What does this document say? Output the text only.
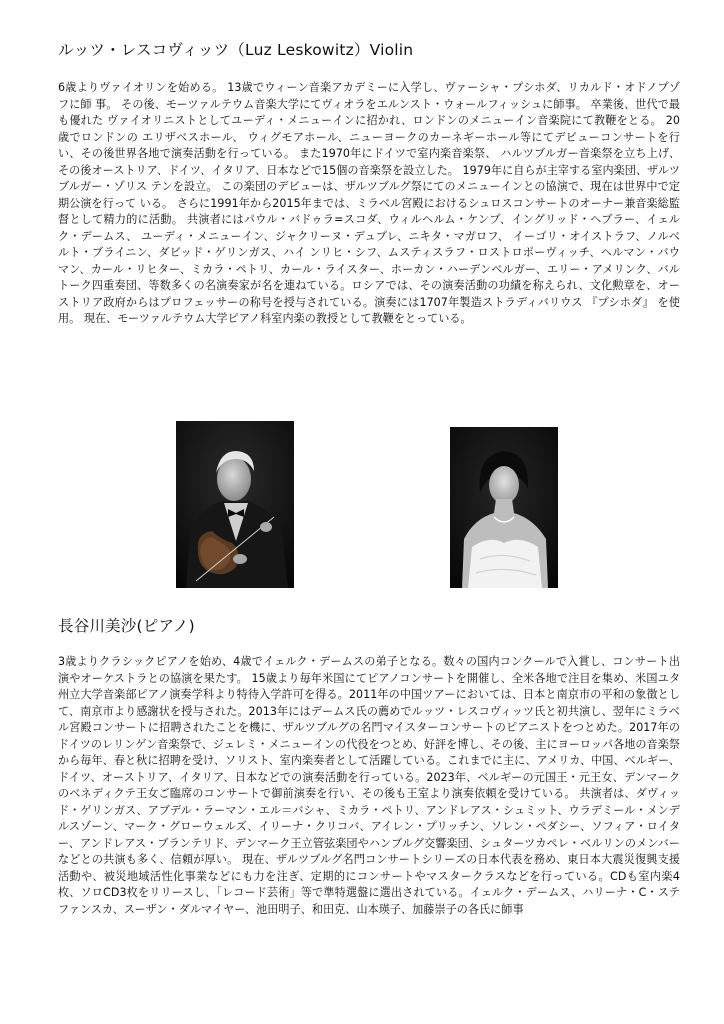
ルッツ・レスコヴィッツ（Luz Leskowitz）Violin

6歳よりヴァイオリンを始める。 13歳でウィーン音楽アカデミーに入学し、ヴァーシャ・プシホダ、リカルド・オドノプゾフに師 事。 その後、モーツァルテウム音楽大学にてヴィオラをエルンスト・ウォールフィッシュに師事。 卒業後、世代で最も優れた ヴァイオリニストとしてユーディ・メニューインに招かれ、ロンドンのメニューイン音楽院にて教鞭をとる。 20歳でロンドンの エリザベスホール、 ウィグモアホール、ニューヨークのカーネギーホール等にてデビューコンサートを行い、その後世界各地で演奏活動を行っている。 また1970年にドイツで室内楽音楽祭、 ハルツブルガー音楽祭を立ち上げ、その後オーストリア、ドイツ、イタリア、日本などで15個の音楽祭を設立した。 1979年に自らが主宰する室内楽団、ザルツブルガー・ゾリス テンを設立。 この楽団のデビューは、ザルツブルグ祭にてのメニューインとの協演で、現在は世界中で定期公演を行って いる。 さらに1991年から2015年までは、ミラベル宮殿におけるシュロスコンサートのオーナー兼音楽総監督として精力的に活動。 共演者にはパウル・バドゥラ=スコダ、ウィルヘルム・ケンプ、イングリッド・ヘブラー、イェルク・デームス、 ユーディ・メニューイン、ジャクリーヌ・デュプレ、ニキタ・マガロフ、 イーゴリ・オイストラフ、ノルベルト・ブライニン、ダビッド・ゲリンガス、ハイ ンリヒ・シフ、ムスティスラフ・ロストロポーヴィッチ、ヘルマン・バウマン、カール・リヒター、ミカラ・ペトリ、カール・ライスター、ホーカン・ハーデンベルガー、エリー・アメリンク、バルトーク四重奏団、等数多くの名演奏家が名を連ねている。ロシアでは、その演奏活動の功績を称えられ、文化勲章を、オーストリア政府からはプロフェッサーの称号を授与されている。演奏には1707年製造ストラディバリウス 『プシホダ』 を使用。 現在、モーツァルテウム大学ピアノ科室内楽の教授として教鞭をとっている。

長谷川美沙(ピアノ)

3歳よりクラシックピアノを始め、4歳でイェルク・デームスの弟子となる。数々の国内コンクールで入賞し、コンサート出演やオーケストラとの協演を果たす。 15歳より毎年米国にてピアノコンサートを開催し、全米各地で注目を集め、米国ユタ州立大学音楽部ピアノ演奏学科より特待入学許可を得る。2011年の中国ツアーにおいては、日本と南京市の平和の象徴として、南京市より感謝状を授与された。2013年にはデームス氏の薦めでルッツ・レスコヴィッツ氏と初共演し、翌年にミラベル宮殿コンサートに招聘されたことを機に、ザルツブルグの名門マイスターコンサートのピアニストをつとめた。2017年のドイツのレリンゲン音楽祭で、ジェレミ・メニューインの代役をつとめ、好評を博し、その後、主にヨーロッパ各地の音楽祭から毎年、春と秋に招聘を受け、ソリスト、室内楽奏者として活躍している。これまでに主に、アメリカ、中国、ベルギー、ドイツ、オーストリア、イタリア、日本などでの演奏活動を行っている。2023年、ベルギーの元国王・元王女、デンマークのベネディクテ王女ご臨席のコンサートで御前演奏を行い、その後も王室より演奏依頼を受けている。 共演者は、ダヴィッド・ゲリンガス、アブデル・ラーマン・エル＝バシャ、ミカラ・ペトリ、アンドレアス・シュミット、ウラデミール・メンデルスゾーン、マーク・グローウェルズ、イリーナ・クリコバ、アイレン・プリッチン、ソレン・ペダシー、ソフィア・ロイター、アンドレアス・ブランテリド、デンマーク王立管弦楽団やハンブルグ交響楽団、シュターツカペレ・ベルリンのメンバーなどとの共演も多く、信頼が厚い。 現在、ザルツブルグ名門コンサートシリーズの日本代表を務め、東日本大震災復興支援活動や、被災地域活性化事業などにも力を注ぎ、定期的にコンサートやマスタークラスなどを行っている。CDも室内楽4枚、ソロCD3枚をリリースし、「レコード芸術」等で準特選盤に選出されている。イェルク・デームス、ハリーナ・C・ステファンスカ、スーザン・ダルマイヤー、池田明子、和田克、山本瑛子、加藤崇子の各氏に師事
